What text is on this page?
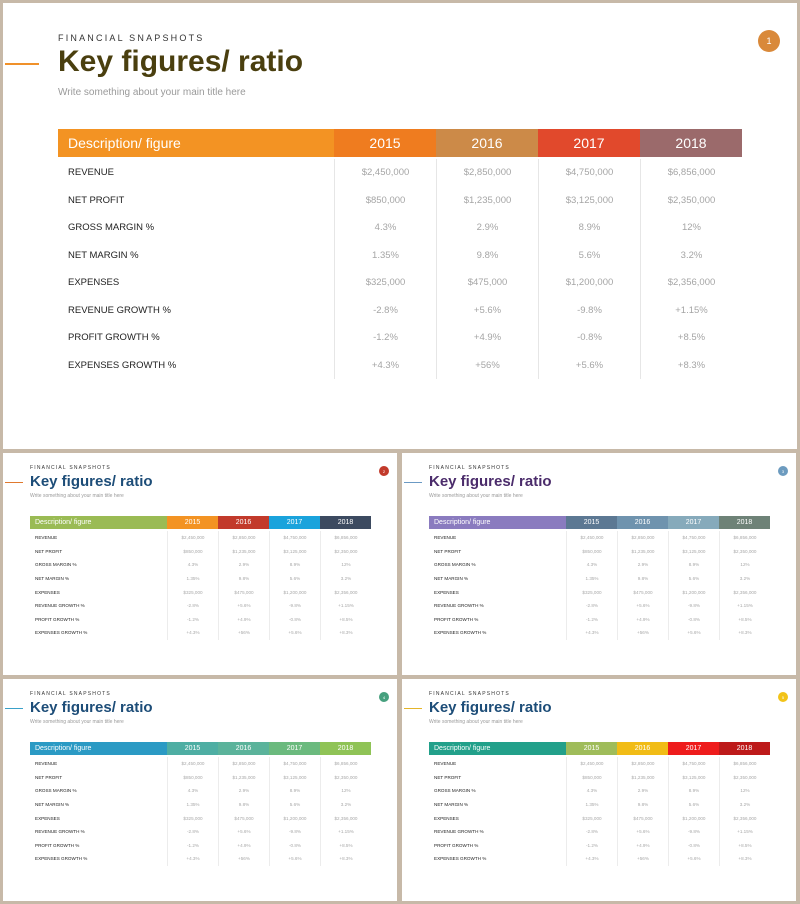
FINANCIAL SNAPSHOTS
Key figures/ ratio
Write something about your main title here
1
Description/ figure	2015	2016	2017	2018
REVENUE	$2,450,000	$2,850,000	$4,750,000	$6,856,000
NET PROFIT	$850,000	$1,235,000	$3,125,000	$2,350,000
GROSS MARGIN %	4.3%	2.9%	8.9%	12%
NET MARGIN %	1.35%	9.8%	5.6%	3.2%
EXPENSES	$325,000	$475,000	$1,200,000	$2,356,000
REVENUE GROWTH %	-2.8%	+5.6%	-9.8%	+1.15%
PROFIT GROWTH %	-1.2%	+4.9%	-0.8%	+8.5%
EXPENSES GROWTH %	+4.3%	+56%	+5.6%	+8.3%
FINANCIAL SNAPSHOTS
Key figures/ ratio
Write something about your main title here
2
Description/ figure	2015	2016	2017	2018
REVENUE	$2,450,000	$2,850,000	$4,750,000	$6,856,000
NET PROFIT	$850,000	$1,235,000	$3,125,000	$2,350,000
GROSS MARGIN %	4.3%	2.9%	8.9%	12%
NET MARGIN %	1.35%	9.8%	5.6%	3.2%
EXPENSES	$325,000	$475,000	$1,200,000	$2,356,000
REVENUE GROWTH %	-2.8%	+5.6%	-9.8%	+1.15%
PROFIT GROWTH %	-1.2%	+4.9%	-0.8%	+8.5%
EXPENSES GROWTH %	+4.3%	+56%	+5.6%	+8.3%
FINANCIAL SNAPSHOTS
Key figures/ ratio
Write something about your main title here
3
Description/ figure	2015	2016	2017	2018
REVENUE	$2,450,000	$2,850,000	$4,750,000	$6,856,000
NET PROFIT	$850,000	$1,235,000	$3,125,000	$2,350,000
GROSS MARGIN %	4.3%	2.9%	8.9%	12%
NET MARGIN %	1.35%	9.8%	5.6%	3.2%
EXPENSES	$325,000	$475,000	$1,200,000	$2,356,000
REVENUE GROWTH %	-2.8%	+5.6%	-9.8%	+1.15%
PROFIT GROWTH %	-1.2%	+4.9%	-0.8%	+8.5%
EXPENSES GROWTH %	+4.3%	+56%	+5.6%	+8.3%
FINANCIAL SNAPSHOTS
Key figures/ ratio
Write something about your main title here
4
Description/ figure	2015	2016	2017	2018
REVENUE	$2,450,000	$2,850,000	$4,750,000	$6,856,000
NET PROFIT	$850,000	$1,235,000	$3,125,000	$2,350,000
GROSS MARGIN %	4.3%	2.9%	8.9%	12%
NET MARGIN %	1.35%	9.8%	5.6%	3.2%
EXPENSES	$325,000	$475,000	$1,200,000	$2,356,000
REVENUE GROWTH %	-2.8%	+5.6%	-9.8%	+1.15%
PROFIT GROWTH %	-1.2%	+4.9%	-0.8%	+8.5%
EXPENSES GROWTH %	+4.3%	+56%	+5.6%	+8.3%
FINANCIAL SNAPSHOTS
Key figures/ ratio
Write something about your main title here
5
Description/ figure	2015	2016	2017	2018
REVENUE	$2,450,000	$2,850,000	$4,750,000	$6,856,000
NET PROFIT	$850,000	$1,235,000	$3,125,000	$2,350,000
GROSS MARGIN %	4.3%	2.9%	8.9%	12%
NET MARGIN %	1.35%	9.8%	5.6%	3.2%
EXPENSES	$325,000	$475,000	$1,200,000	$2,356,000
REVENUE GROWTH %	-2.8%	+5.6%	-9.8%	+1.15%
PROFIT GROWTH %	-1.2%	+4.9%	-0.8%	+8.5%
EXPENSES GROWTH %	+4.3%	+56%	+5.6%	+8.3%
